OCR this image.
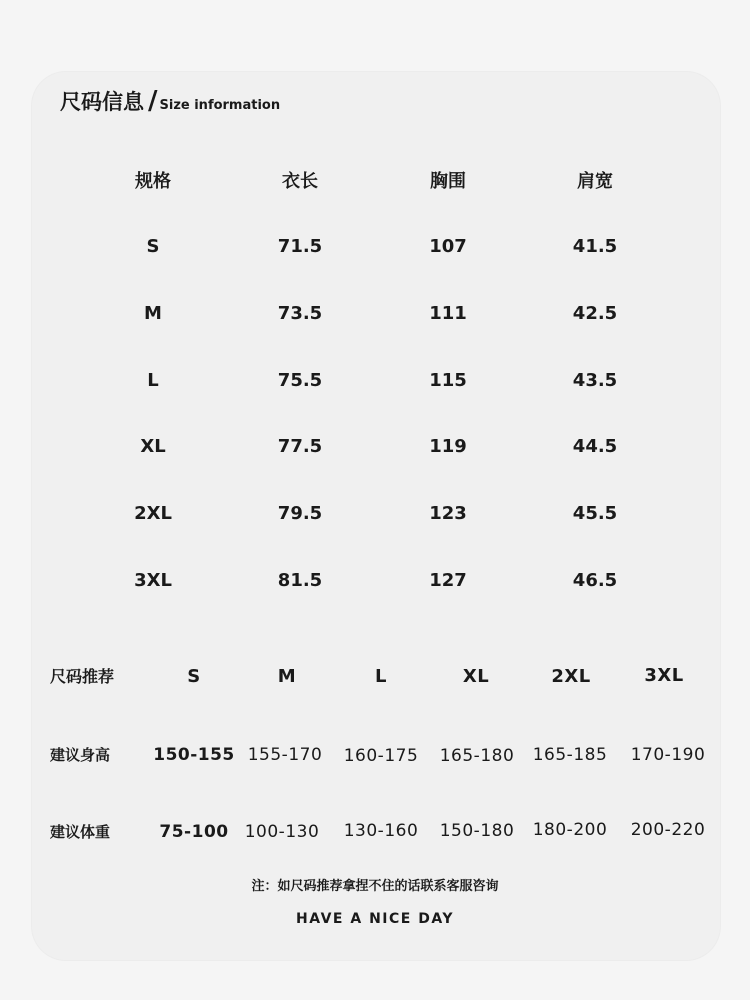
尺码信息 / Size information
规格	衣长	胸围	肩宽
S	71.5	107	41.5
M	73.5	111	42.5
L	75.5	115	43.5
XL	77.5	119	44.5
2XL	79.5	123	45.5
3XL	81.5	127	46.5
尺码推荐	S	M	L	XL	2XL	3XL
建议身高	150-155 155-170 160-175 165-180 165-185 170-190
建议体重	75-100 100-130 130-160 150-180 180-200 200-220
注：如尺码推荐拿捏不住的话联系客服咨询
HAVE A NICE DAY
